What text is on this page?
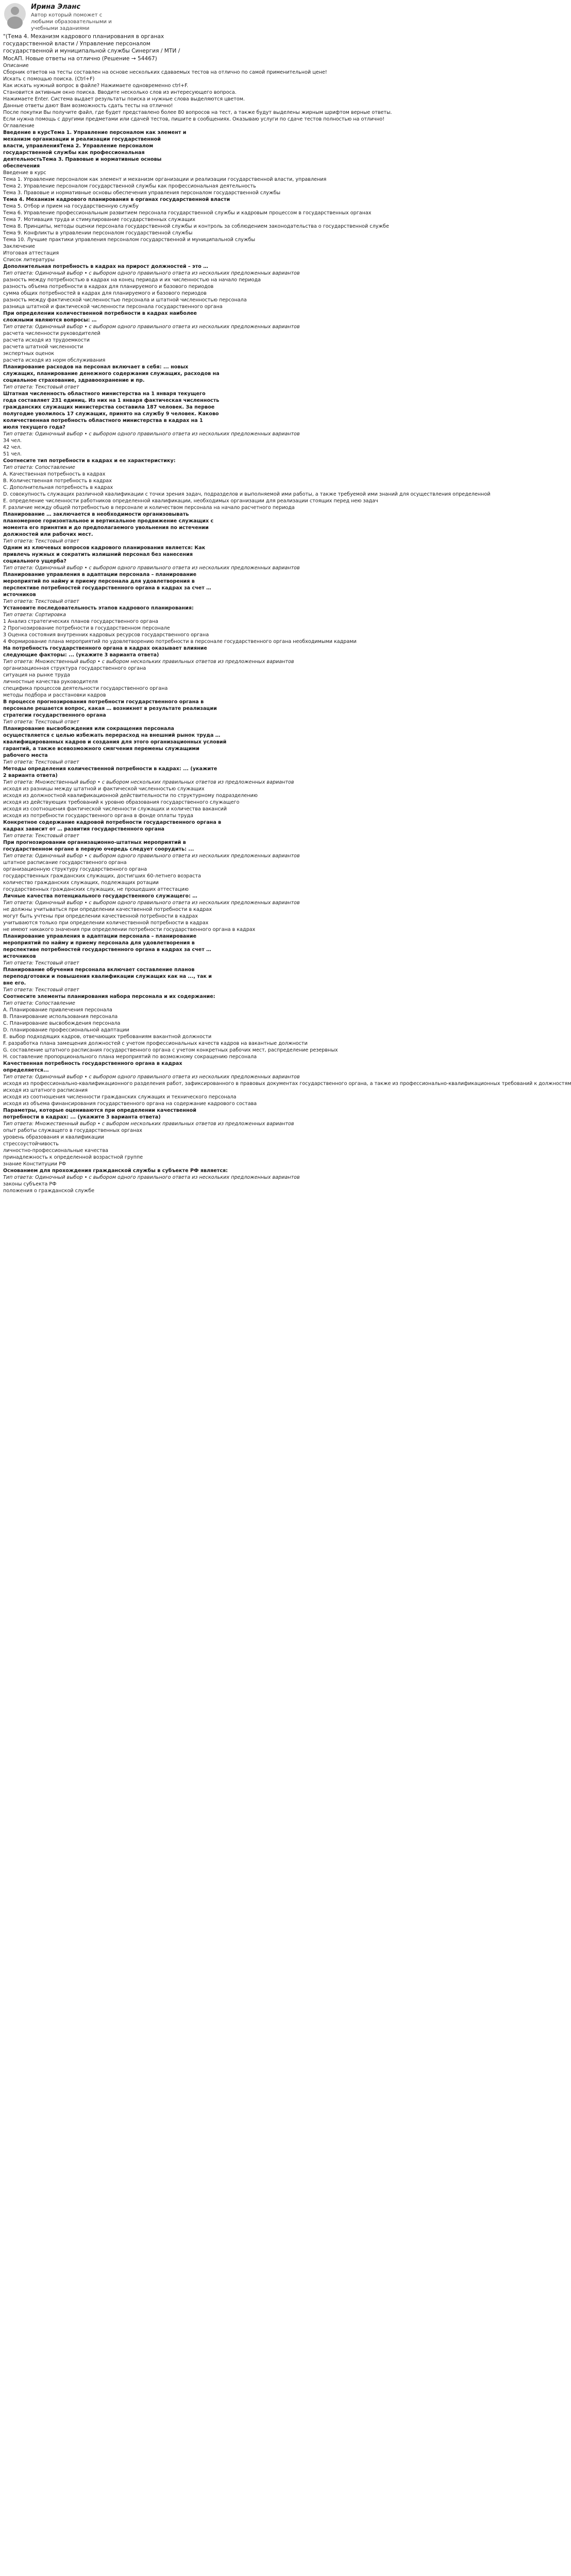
Ирина Эланс
Автор который поможет с любыми образовательными и учебными заданиями
"(Тема 4. Механизм кадрового планирования в органах
государственной власти / Управление персоналом
государственной и муниципальной службы Синергия / МТИ /
МосАП. Новые ответы на отлично (Решение → 54467)
Описание
Сборник ответов на тесты составлен на основе нескольких сдаваемых тестов на отлично по самой применительной цене!
Искать с помощью поиска. (Ctrl+F)
Как искать нужный вопрос в файле? Нажимаете одновременно ctrl+F.
Становится активным окно поиска. Вводите несколько слов из интересующего вопроса.
Нажимаете Enter. Система выдает результаты поиска и нужные слова выделяются цветом.
Данные ответы дают Вам возможность сдать тесты на отлично!
После покупки Вы получите файл, где будет представлено более 80 вопросов на тест, а также будут выделены жирным шрифтом верные ответы.
Если нужна помощь с другими предметами или сдачей тестов, пишите в сообщениях. Оказываю услуги по сдаче тестов полностью на отлично!
Оглавление
Введение в курсТема 1. Управление персоналом как элемент и
механизм организации и реализации государственной
власти, управленияТема 2. Управление персоналом
государственной службы как профессиональная
деятельностьТема 3. Правовые и нормативные основы
обеспечения
Введение в курс
Тема 1. Управление персоналом как элемент и механизм организации и реализации государственной власти, управления
Тема 2. Управление персоналом государственной службы как профессиональная деятельность
Тема 3. Правовые и нормативные основы обеспечения управления персоналом государственной службы
Тема 4. Механизм кадрового планирования в органах государственной власти
Тема 5. Отбор и прием на государственную службу
Тема 6. Управление профессиональным развитием персонала государственной службы и кадровым процессом в государственных органах
Тема 7. Мотивация труда и стимулирование государственных служащих
Тема 8. Принципы, методы оценки персонала государственной службы и контроль за соблюдением законодательства о государственной службе
Тема 9. Конфликты в управлении персоналом государственной службы
Тема 10. Лучшие практики управления персоналом государственной и муниципальной службы
Заключение
Итоговая аттестация
Список литературы
Дополнительная потребность в кадрах на прирост должностей – это …
Тип ответа: Одиночный выбор • с выбором одного правильного ответа из нескольких предложенных вариантов
разность между потребностью в кадрах на конец периода и их численностью на начало периода
разность объема потребности в кадрах для планируемого и базового периодов
сумма общих потребностей в кадрах для планируемого и базового периодов
разность между фактической численностью персонала и штатной численностью персонала
разница штатной и фактической численности персонала государственного органа
При определении количественной потребности в кадрах наиболее
сложными являются вопросы: …
Тип ответа: Одиночный выбор • с выбором одного правильного ответа из нескольких предложенных вариантов
расчета численности руководителей
расчета исходя из трудоемкости
расчета штатной численности
экспертных оценок
расчета исходя из норм обслуживания
Планирование расходов на персонал включает в себя: ... новых
служащих, планирование денежного содержания служащих, расходов на
социальное страхование, здравоохранение и пр.
Тип ответа: Текстовый ответ
Штатная численность областного министерства на 1 января текущего
года составляет 231 единиц. Из них на 1 января фактическая численность
гражданских служащих министерства составила 187 человек. За первое
полугодие уволилось 17 служащих, принято на службу 9 человек. Каково
количественная потребность областного министерства в кадрах на 1
июля текущего года?
Тип ответа: Одиночный выбор • с выбором одного правильного ответа из нескольких предложенных вариантов
34 чел.
42 чел.
51 чел.
Соотнесите тип потребности в кадрах и ее характеристику:
Тип ответа: Сопоставление
A. Качественная потребность в кадрах
B. Количественная потребность в кадрах
C. Дополнительная потребность в кадрах
D. совокупность служащих различной квалификации с точки зрения задач, подразделов и выполняемой ими работы, а также требуемой ими знаний для осуществления определенной
E. определение численности работников определенной квалификации, необходимых организации для реализации стоящих перед нею задач
F. различие между общей потребностью в персонале и количеством персонала на начало расчетного периода
Планирование … заключается в необходимости организовывать
планомерное горизонтальное и вертикальное продвижение служащих с
момента его принятия и до предполагаемого увольнения по истечении
должностей или рабочих мест.
Тип ответа: Текстовый ответ
Одним из ключевых вопросов кадрового планирования является: Как
привлечь нужных и сократить излишний персонал без нанесения
социального ущерба?
Тип ответа: Одиночный выбор • с выбором одного правильного ответа из нескольких предложенных вариантов
Планирование управления в адаптации персонала – планирование
мероприятий по найму и приему персонала для удовлетворения в
перспективе потребностей государственного органа в кадрах за счет …
источников
Тип ответа: Текстовый ответ
Установите последовательность этапов кадрового планирования:
Тип ответа: Сортировка
1 Анализ стратегических планов государственного органа
2 Прогнозирование потребности в государственном персонале
3 Оценка состояния внутренних кадровых ресурсов государственного органа
4 Формирование плана мероприятий по удовлетворению потребности в персонале государственного органа необходимыми кадрами
На потребность государственного органа в кадрах оказывает влияние
следующие факторы: ... (укажите 3 варианта ответа)
Тип ответа: Множественный выбор • с выбором нескольких правильных ответов из предложенных вариантов
организационная структура государственного органа
ситуация на рынке труда
личностные качества руководителя
специфика процессов деятельности государственного органа
методы подбора и расстановки кадров
В процессе прогнозирования потребности государственного органа в
персонале решается вопрос, какая … возникнет в результате реализации
стратегии государственного органа
Тип ответа: Текстовый ответ
Планирование высвобождения или сокращения персонала
осуществляется с целью избежать перерасход на внешний рынок труда …
квалифицированных кадров и создания для этого организационных условий
гарантий, а также всевозможного смягчения перемены служащими
рабочего места
Тип ответа: Текстовый ответ
Методы определения количественной потребности в кадрах: ... (укажите
2 варианта ответа)
Тип ответа: Множественный выбор • с выбором нескольких правильных ответов из предложенных вариантов
исходя из разницы между штатной и фактической численностью служащих
исходя из должностной квалификационной действительности по структурному подразделению
исходя из действующих требований к уровню образования государственного служащего
исходя из соотношения фактической численности служащих и количества вакансий
исходя из потребности государственного органа в фонде оплаты труда
Конкретное содержание кадровой потребности государственного органа в
кадрах зависит от … развития государственного органа
Тип ответа: Текстовый ответ
При прогнозировании организационно-штатных мероприятий в
государственном органе в первую очередь следует соорудить: ...
Тип ответа: Одиночный выбор • с выбором одного правильного ответа из нескольких предложенных вариантов
штатное расписание государственного органа
организационную структуру государственного органа
государственных гражданских служащих, достигших 60-летнего возраста
количество гражданских служащих, подлежащих ротации
государственных гражданских служащих, не прошедших аттестацию
Личные качества потенциального государственного служащего: …
Тип ответа: Одиночный выбор • с выбором одного правильного ответа из нескольких предложенных вариантов
не должны учитываться при определении качественной потребности в кадрах
могут быть учтены при определении качественной потребности в кадрах
учитываются только при определении количественной потребности в кадрах
не имеют никакого значения при определении потребности государственного органа в кадрах
Планирование управления в адаптации персонала – планирование
мероприятий по найму и приему персонала для удовлетворения в
перспективе потребностей государственного органа в кадрах за счет …
источников
Тип ответа: Текстовый ответ
Планирование обучения персонала включает составление планов
переподготовки и повышения квалификации служащих как на ..., так и
вне его.
Тип ответа: Текстовый ответ
Соотнесите элементы планирования набора персонала и их содержание:
Тип ответа: Сопоставление
A. Планирование привлечения персонала
B. Планирование использования персонала
C. Планирование высвобождения персонала
D. планирование профессиональной адаптации
E. выбор подходящих кадров, отвечающих требованиям вакантной должности
F. разработка плана замещения должностей с учетом профессиональных качеств кадров на вакантные должности
G. составление штатного расписания государственного органа с учетом конкретных рабочих мест, распределение резервных
H. составление пропорционального плана мероприятий по возможному сокращению персонала
Качественная потребность государственного органа в кадрах
определяется...
Тип ответа: Одиночный выбор • с выбором одного правильного ответа из нескольких предложенных вариантов
исходя из профессионально-квалификационного разделения работ, зафиксированного в правовых документах государственного органа, а также из профессионально-квалификационных требований к должностям
исходя из штатного расписания
исходя из соотношения численности гражданских служащих и технического персонала
исходя из объема финансирования государственного органа на содержание кадрового состава
Параметры, которые оцениваются при определении качественной
потребности в кадрах: ... (укажите 3 варианта ответа)
Тип ответа: Множественный выбор • с выбором нескольких правильных ответов из предложенных вариантов
опыт работы служащего в государственных органах
уровень образования и квалификации
стрессоустойчивость
личностно-профессиональные качества
принадлежность к определенной возрастной группе
знание Конституции РФ
Основанием для прохождения гражданской службы в субъекте РФ является:
Тип ответа: Одиночный выбор • с выбором одного правильного ответа из нескольких предложенных вариантов
законы субъекта РФ
положения о гражданской службе
